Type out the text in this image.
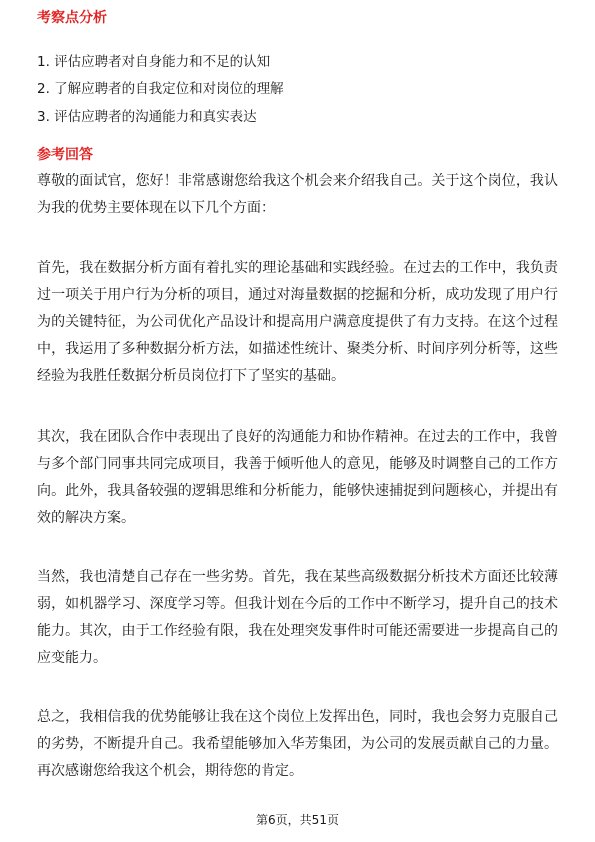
考察点分析
1. 评估应聘者对自身能力和不足的认知
2. 了解应聘者的自我定位和对岗位的理解
3. 评估应聘者的沟通能力和真实表达
参考回答

尊敬的面试官，您好！非常感谢您给我这个机会来介绍我自己。关于这个岗位，我认为我的优势主要体现在以下几个方面：

首先，我在数据分析方面有着扎实的理论基础和实践经验。在过去的工作中，我负责过一项关于用户行为分析的项目，通过对海量数据的挖掘和分析，成功发现了用户行为的关键特征，为公司优化产品设计和提高用户满意度提供了有力支持。在这个过程中，我运用了多种数据分析方法，如描述性统计、聚类分析、时间序列分析等，这些经验为我胜任数据分析员岗位打下了坚实的基础。

其次，我在团队合作中表现出了良好的沟通能力和协作精神。在过去的工作中，我曾与多个部门同事共同完成项目，我善于倾听他人的意见，能够及时调整自己的工作方向。此外，我具备较强的逻辑思维和分析能力，能够快速捕捉到问题核心，并提出有效的解决方案。

当然，我也清楚自己存在一些劣势。首先，我在某些高级数据分析技术方面还比较薄弱，如机器学习、深度学习等。但我计划在今后的工作中不断学习，提升自己的技术能力。其次，由于工作经验有限，我在处理突发事件时可能还需要进一步提高自己的应变能力。

总之，我相信我的优势能够让我在这个岗位上发挥出色，同时，我也会努力克服自己的劣势，不断提升自己。我希望能够加入华芳集团，为公司的发展贡献自己的力量。再次感谢您给我这个机会，期待您的肯定。

第6页，共51页
